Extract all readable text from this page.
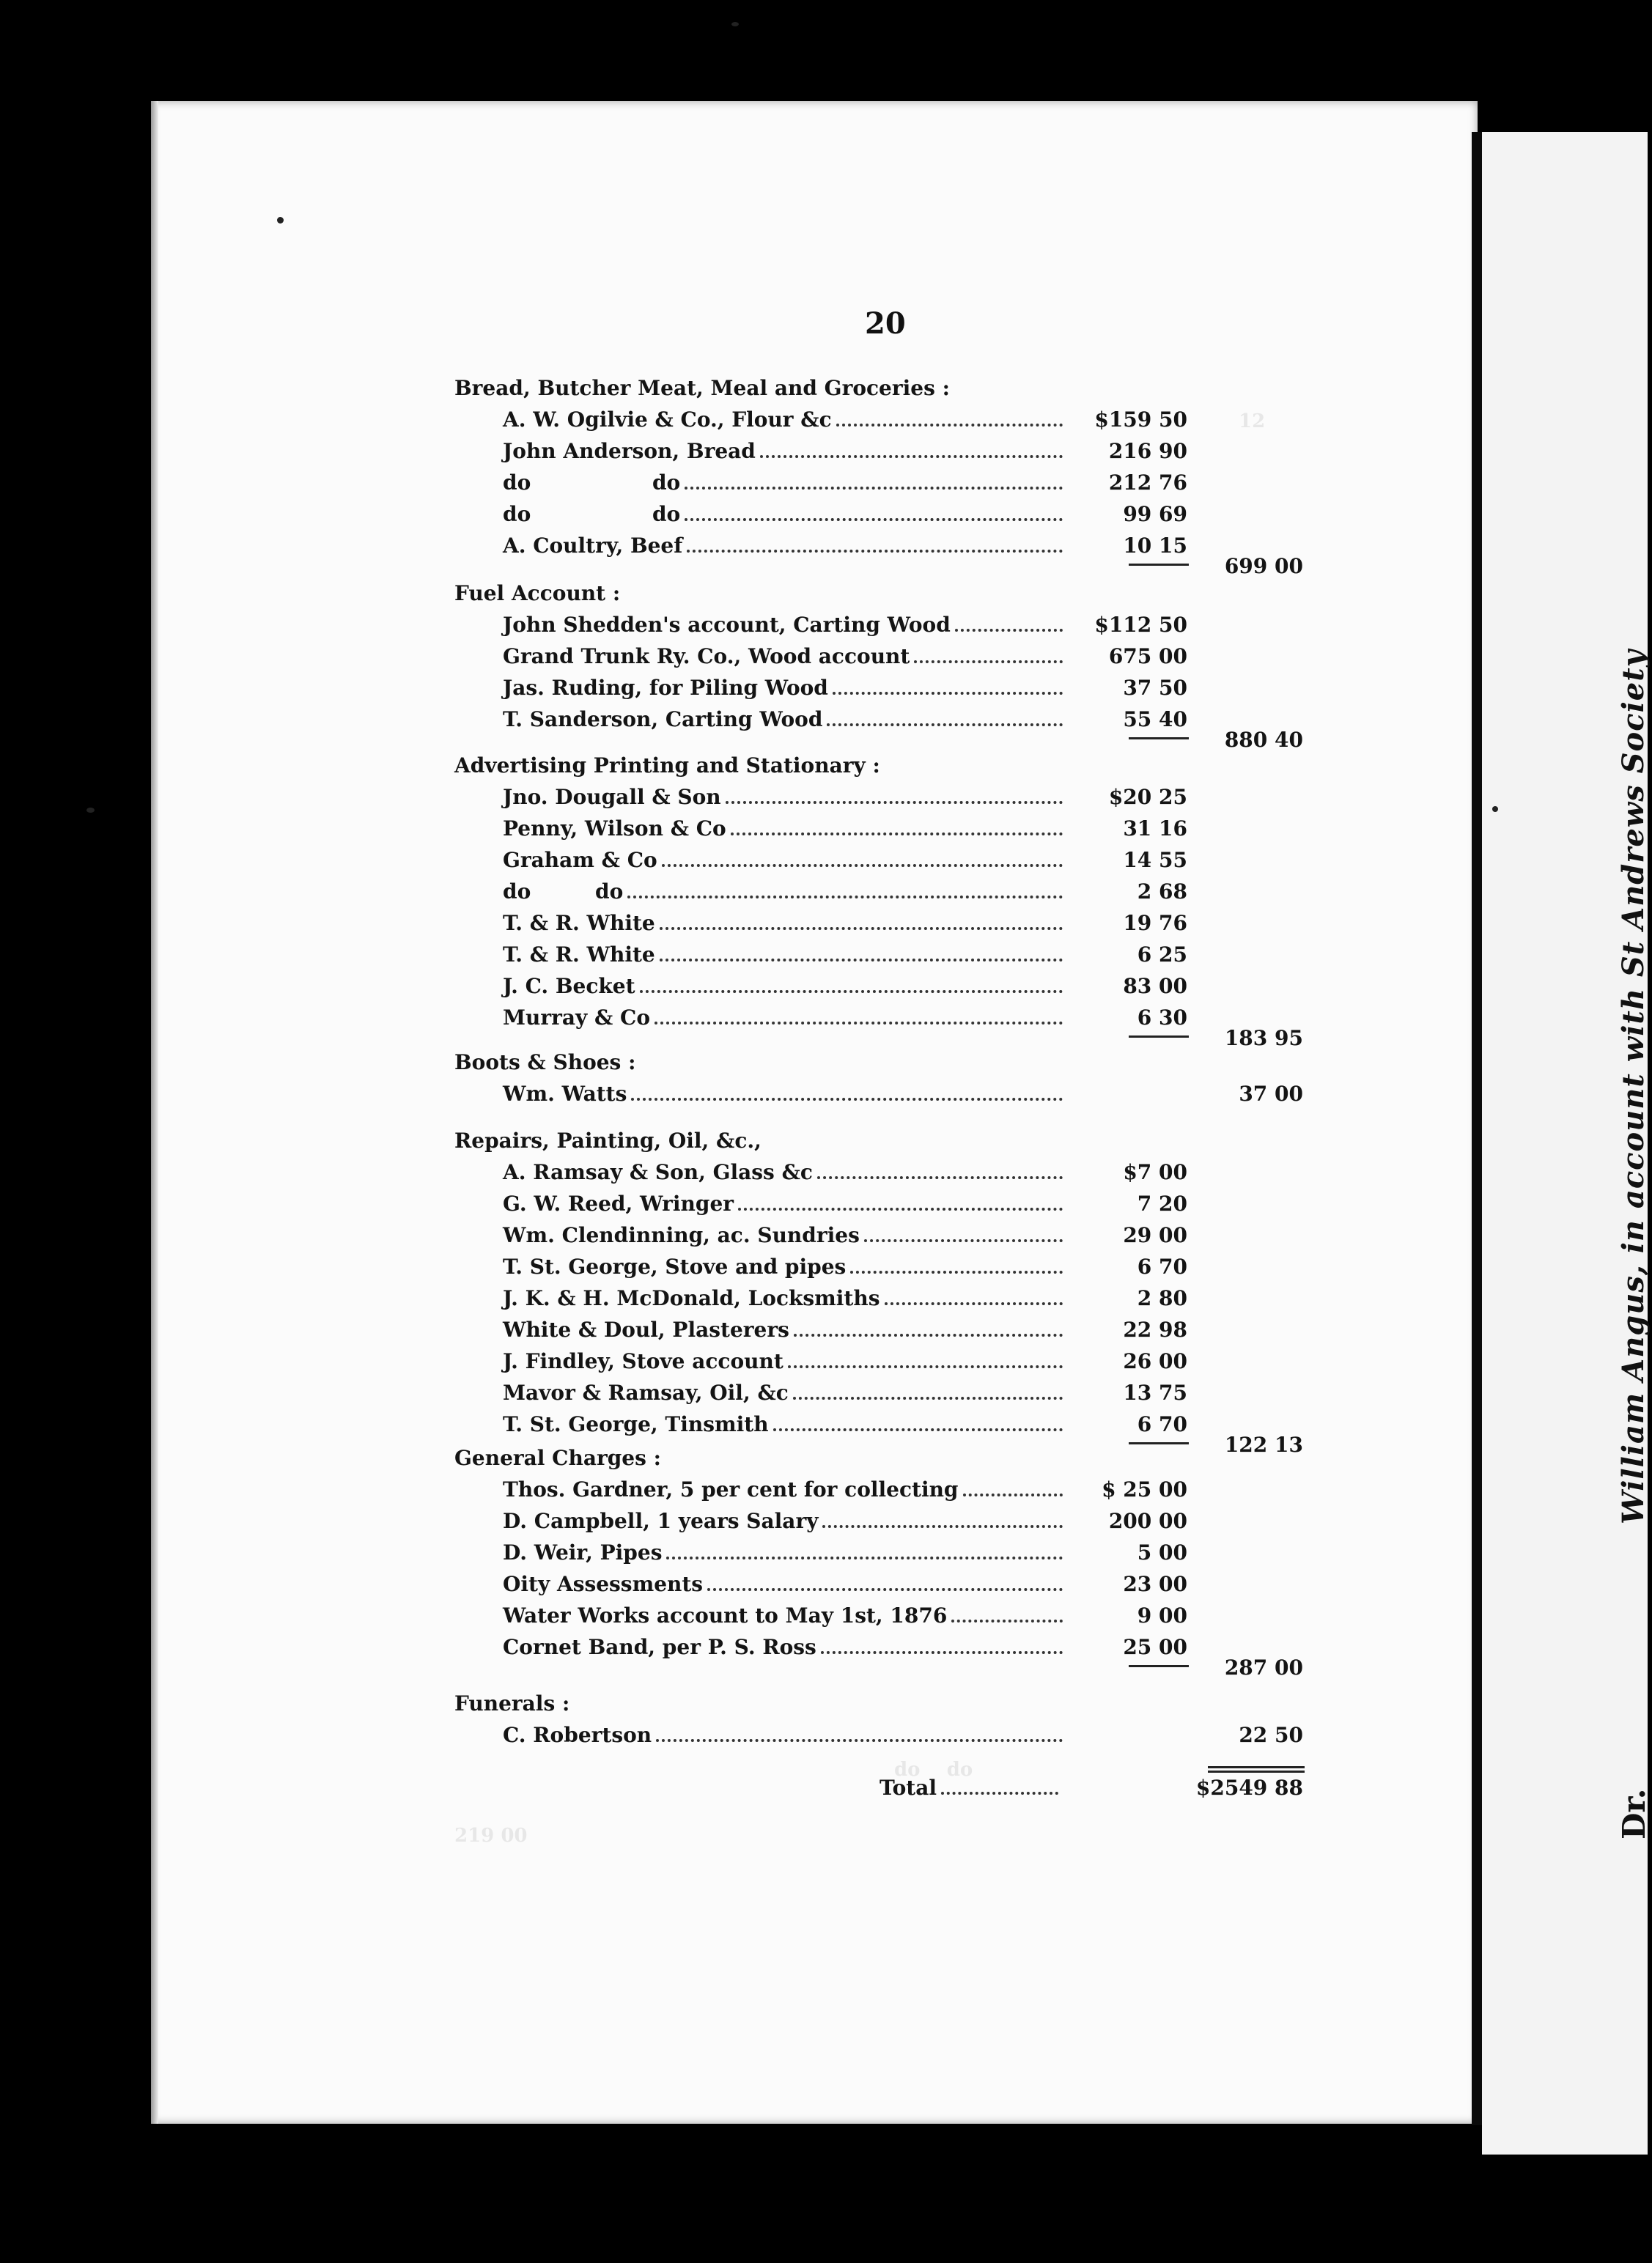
Dr.
William Angus, in account with St Andrews Society
12
do    do
219 00
20
Bread, Butcher Meat, Meal and Groceries :
A. W. Ogilvie & Co., Flour &c	$159 50
John Anderson, Bread	216 90
do                 do	212 76
do                 do	99 69
A. Coultry, Beef	10 15
699 00
Fuel Account :
John Shedden's account, Carting Wood	$112 50
Grand Trunk Ry. Co., Wood account	675 00
Jas. Ruding, for Piling Wood	37 50
T. Sanderson, Carting Wood	55 40
880 40
Advertising Printing and Stationary :
Jno. Dougall & Son	$20 25
Penny, Wilson & Co	31 16
Graham & Co	14 55
do         do	2 68
T. & R. White	19 76
T. & R. White	6 25
J. C. Becket	83 00
Murray & Co	6 30
183 95
Boots & Shoes :
Wm. Watts	37 00
Repairs, Painting, Oil, &c.,
A. Ramsay & Son, Glass &c	$7 00
G. W. Reed, Wringer	7 20
Wm. Clendinning, ac. Sundries	29 00
T. St. George, Stove and pipes	6 70
J. K. & H. McDonald, Locksmiths	2 80
White & Doul, Plasterers	22 98
J. Findley, Stove account	26 00
Mavor & Ramsay, Oil, &c	13 75
T. St. George, Tinsmith	6 70
122 13
General Charges :
Thos. Gardner, 5 per cent for collecting	$ 25 00
D. Campbell, 1 years Salary	200 00
D. Weir, Pipes	5 00
Oity Assessments	23 00
Water Works account to May 1st, 1876	9 00
Cornet Band, per P. S. Ross	25 00
287 00
Funerals :
C. Robertson	22 50
Total	$2549 88
